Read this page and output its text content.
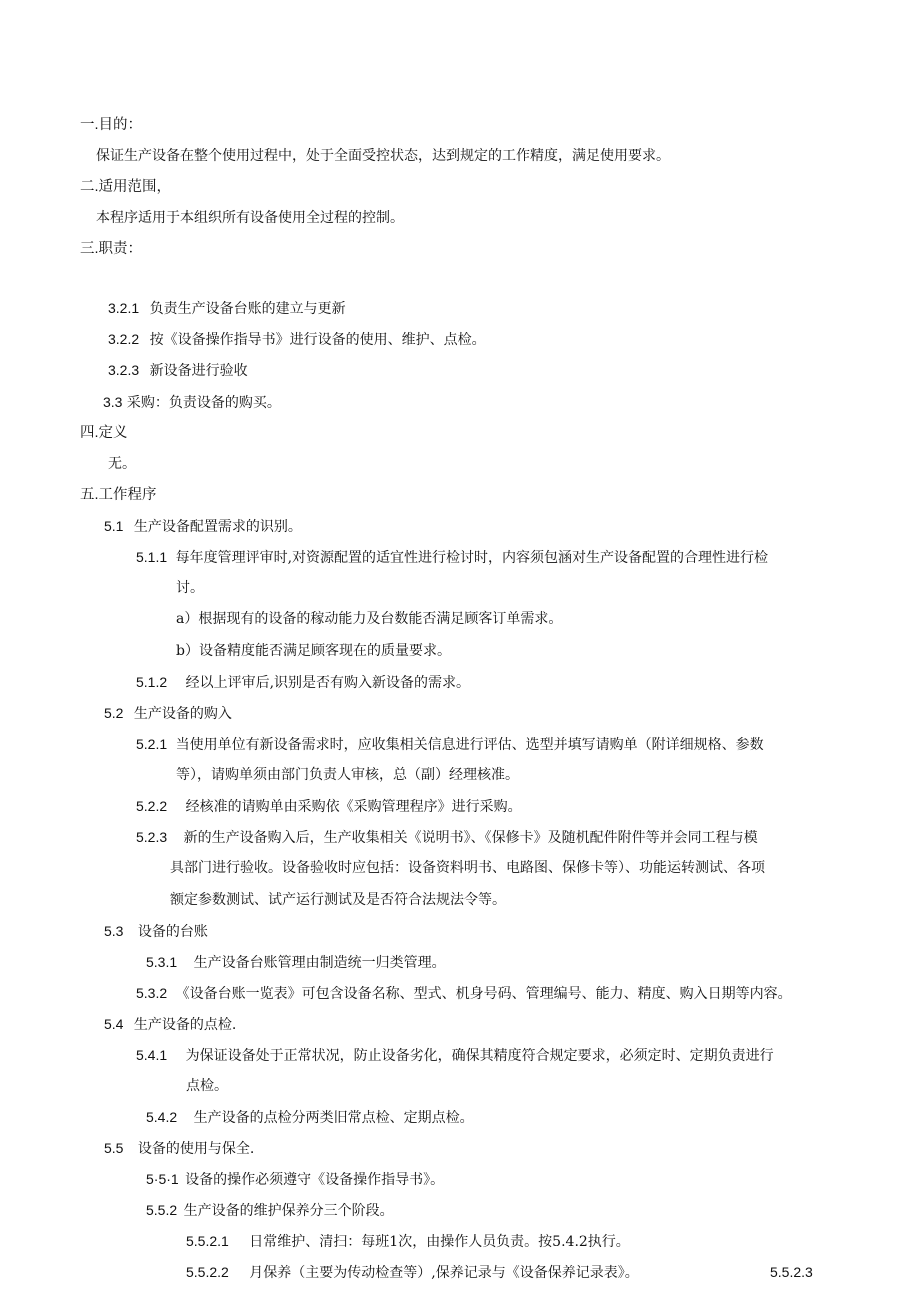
一.目的：
保证生产设备在整个使用过程中，处于全面受控状态，达到规定的工作精度，满足使用要求。
二.适用范围，
本程序适用于本组织所有设备使用全过程的控制。
三.职责：
3.2.1 负责生产设备台账的建立与更新
3.2.2 按《设备操作指导书》进行设备的使用、维护、点检。
3.2.3 新设备进行验收
3.3 采购：负责设备的购买。
四.定义
无。
五.工作程序
5.1 生产设备配置需求的识别。
5.1.1 每年度管理评审时,对资源配置的适宜性进行检讨时，内容须包涵对生产设备配置的合理性进行检
讨。
a）根据现有的设备的稼动能力及台数能否满足顾客订单需求。
b）设备精度能否满足顾客现在的质量要求。
5.1.2 经以上评审后,识别是否有购入新设备的需求。
5.2 生产设备的购入
5.2.1 当使用单位有新设备需求时，应收集相关信息进行评估、选型并填写请购单（附详细规格、参数
等），请购单须由部门负责人审核，总（副）经理核准。
5.2.2 经核准的请购单由采购依《采购管理程序》进行采购。
5.2.3 新的生产设备购入后，生产收集相关《说明书》、《保修卡》及随机配件附件等并会同工程与模
具部门进行验收。设备验收时应包括：设备资料明书、电路图、保修卡等）、功能运转测试、各项
额定参数测试、试产运行测试及是否符合法规法令等。
5.3 设备的台账
5.3.1 生产设备台账管理由制造统一归类管理。
5.3.2 《设备台账一览表》可包含设备名称、型式、机身号码、管理编号、能力、精度、购入日期等内容。
5.4 生产设备的点检.
5.4.1 为保证设备处于正常状况，防止设备劣化，确保其精度符合规定要求，必须定时、定期负责进行
点检。
5.4.2 生产设备的点检分两类旧常点检、定期点检。
5.5 设备的使用与保全.
5·5·1 设备的操作必须遵守《设备操作指导书》。
5.5.2 生产设备的维护保养分三个阶段。
5.5.2.1 日常维护、清扫：每班1次，由操作人员负责。按5.4.2执行。
5.5.2.2 月保养（主要为传动检查等）,保养记录与《设备保养记录表》。	5.5.2.3
